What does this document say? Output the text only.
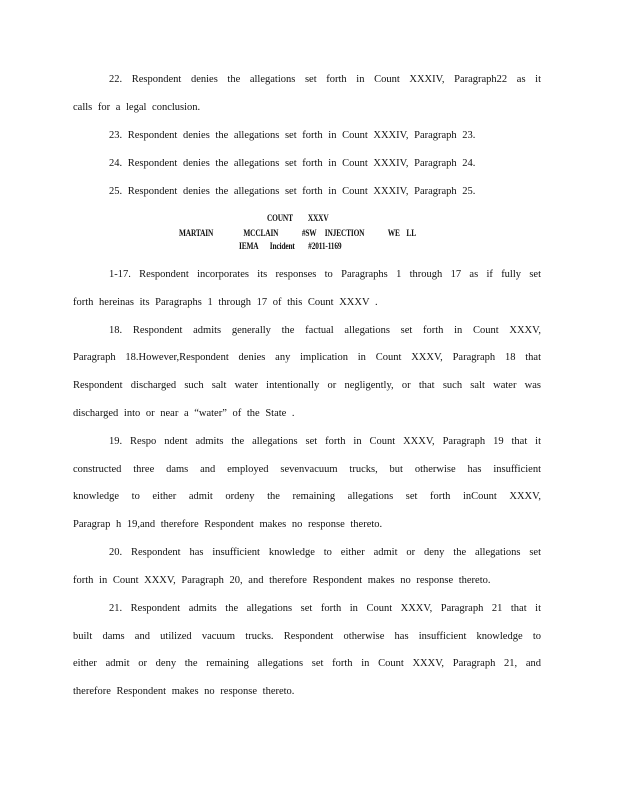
22. Respondent denies the allegations set forth in Count XXXIV, Paragraph22 as it
calls for a legal conclusion.
23. Respondent denies the allegations set forth in Count XXXIV, Paragraph 23.
24. Respondent denies the allegations set forth in Count XXXIV, Paragraph 24.
25. Respondent denies the allegations set forth in Count XXXIV, Paragraph 25.
COUNT         XXXV
MARTAIN                  MCCLAIN              #SW     INJECTION              WE    LL
IEMA       Incident        #2011-1169
1-17. Respondent incorporates its responses to Paragraphs 1 through 17 as if fully set
forth hereinas its Paragraphs 1 through 17 of this Count XXXV .
18. Respondent admits generally the factual allegations set forth in Count XXXV,
Paragraph 18.However,Respondent denies any implication in Count XXXV, Paragraph 18 that
Respondent discharged such salt water intentionally or negligently, or that such salt water was
discharged into or near a “water” of the State .
19. Respo ndent admits the allegations set forth in Count XXXV, Paragraph 19 that it
constructed three dams and employed sevenvacuum trucks, but otherwise has insufficient
knowledge to either admit ordeny the remaining allegations set forth inCount XXXV,
Paragrap h 19,and therefore Respondent makes no response thereto.
20. Respondent has insufficient knowledge to either admit or deny the allegations set
forth in Count XXXV, Paragraph 20, and therefore Respondent makes no response thereto.
21. Respondent admits the allegations set forth in Count XXXV, Paragraph 21 that it
built dams and utilized vacuum trucks. Respondent otherwise has insufficient knowledge to
either admit or deny the remaining allegations set forth in Count XXXV, Paragraph 21, and
therefore Respondent makes no response thereto.
